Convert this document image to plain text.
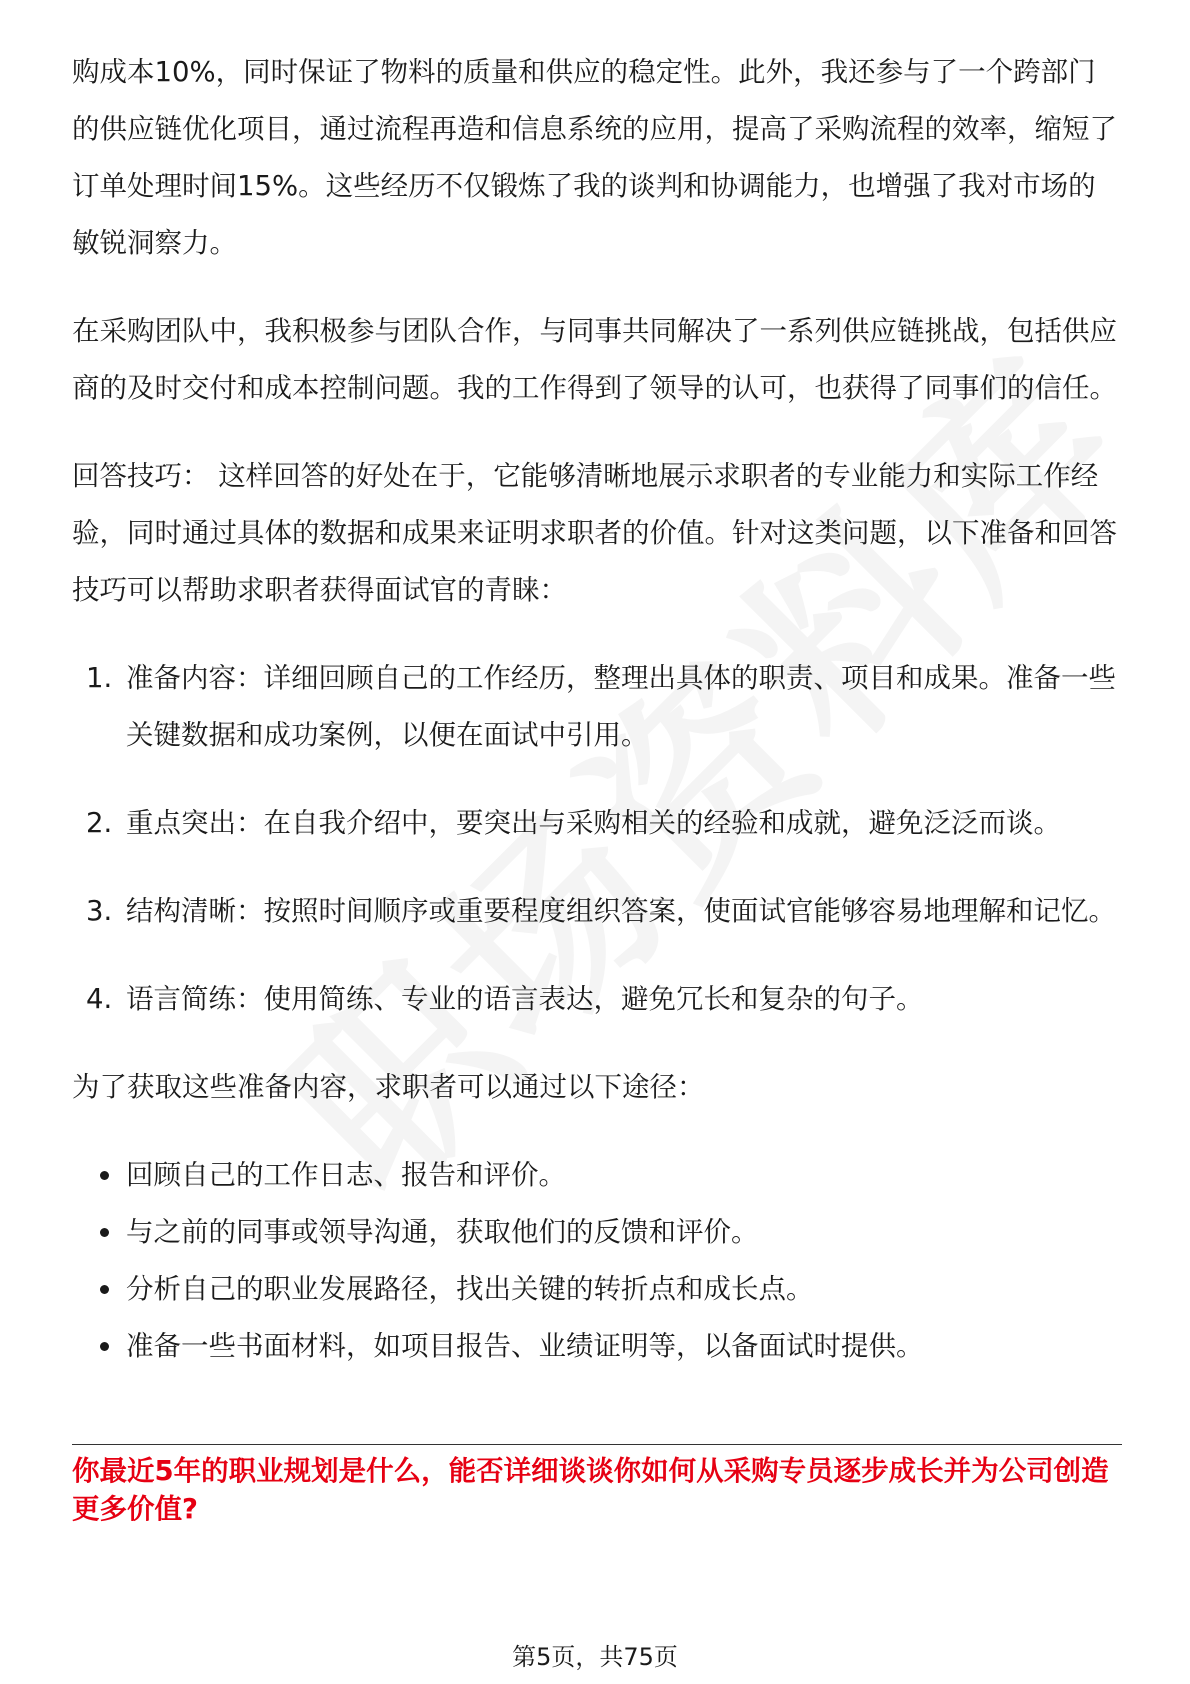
购成本10%，同时保证了物料的质量和供应的稳定性。此外，我还参与了一个跨部门的供应链优化项目，通过流程再造和信息系统的应用，提高了采购流程的效率，缩短了订单处理时间15%。这些经历不仅锻炼了我的谈判和协调能力，也增强了我对市场的敏锐洞察力。

在采购团队中，我积极参与团队合作，与同事共同解决了一系列供应链挑战，包括供应商的及时交付和成本控制问题。我的工作得到了领导的认可，也获得了同事们的信任。

回答技巧： 这样回答的好处在于，它能够清晰地展示求职者的专业能力和实际工作经验，同时通过具体的数据和成果来证明求职者的价值。针对这类问题，以下准备和回答技巧可以帮助求职者获得面试官的青睐：

1. 准备内容：详细回顾自己的工作经历，整理出具体的职责、项目和成果。准备一些关键数据和成功案例，以便在面试中引用。
2. 重点突出：在自我介绍中，要突出与采购相关的经验和成就，避免泛泛而谈。
3. 结构清晰：按照时间顺序或重要程度组织答案，使面试官能够容易地理解和记忆。
4. 语言简练：使用简练、专业的语言表达，避免冗长和复杂的句子。

为了获取这些准备内容，求职者可以通过以下途径：

回顾自己的工作日志、报告和评价。
与之前的同事或领导沟通，获取他们的反馈和评价。
分析自己的职业发展路径，找出关键的转折点和成长点。
准备一些书面材料，如项目报告、业绩证明等，以备面试时提供。
你最近5年的职业规划是什么，能否详细谈谈你如何从采购专员逐步成长并为公司创造更多价值?
第5页，共75页
